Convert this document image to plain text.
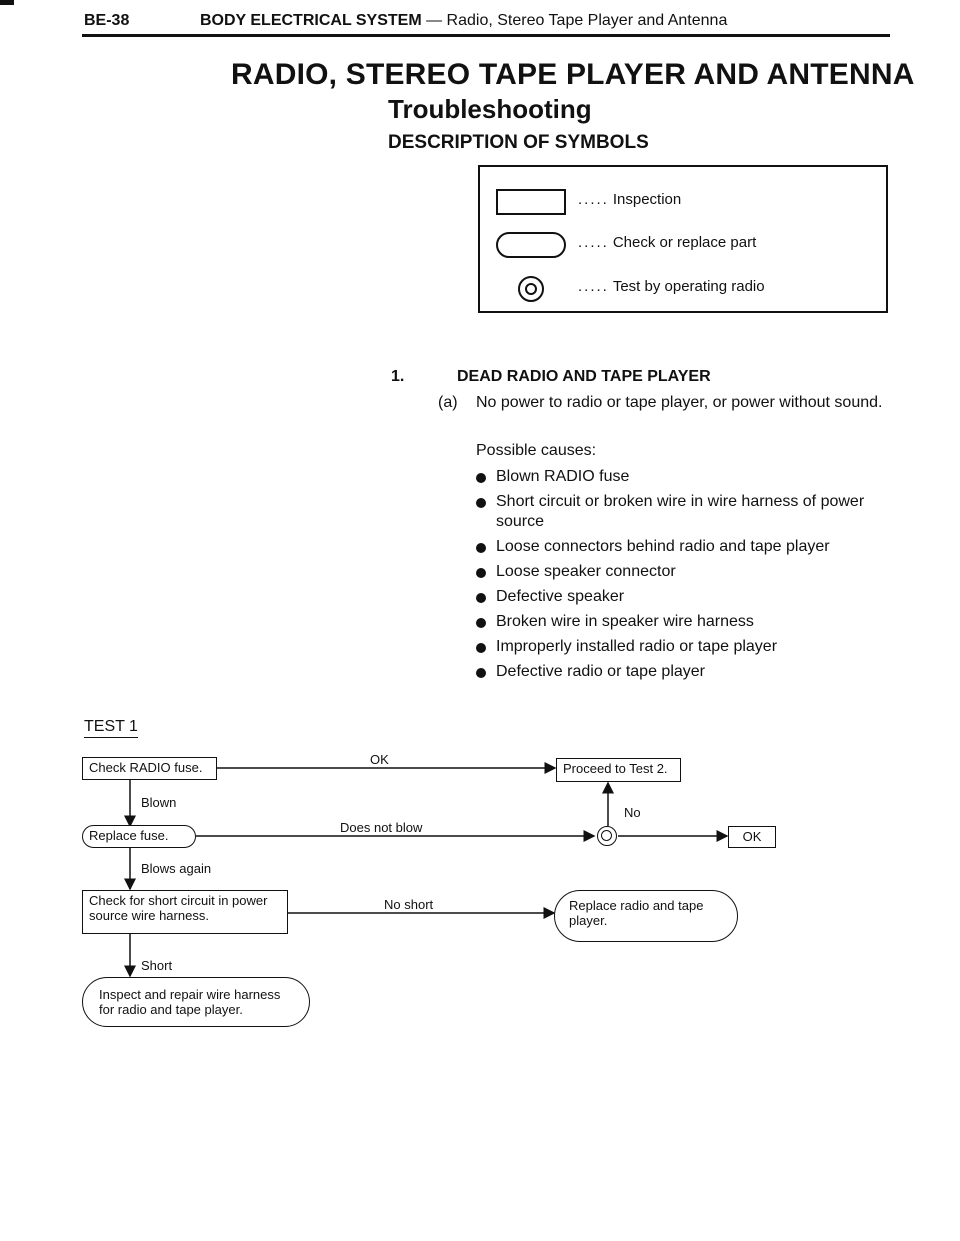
BE-38	BODY ELECTRICAL SYSTEM — Radio, Stereo Tape Player and Antenna
RADIO, STEREO TAPE PLAYER AND ANTENNA
Troubleshooting
DESCRIPTION OF SYMBOLS
..... Inspection
..... Check or replace part
..... Test by operating radio
1.	DEAD RADIO AND TAPE PLAYER
(a)	No power to radio or tape player, or power without sound.
Possible causes:
Blown RADIO fuse
Short circuit or broken wire in wire harness of power source
Loose connectors behind radio and tape player
Loose speaker connector
Defective speaker
Broken wire in speaker wire harness
Improperly installed radio or tape player
Defective radio or tape player
TEST 1
Check RADIO fuse.	Proceed to Test 2.
Replace fuse.	OK
Check for short circuit in power source wire harness.
Replace radio and tape player.
Inspect and repair wire harness for radio and tape player.
OK
Blown
No
Does not blow
Blows again
No short
Short
